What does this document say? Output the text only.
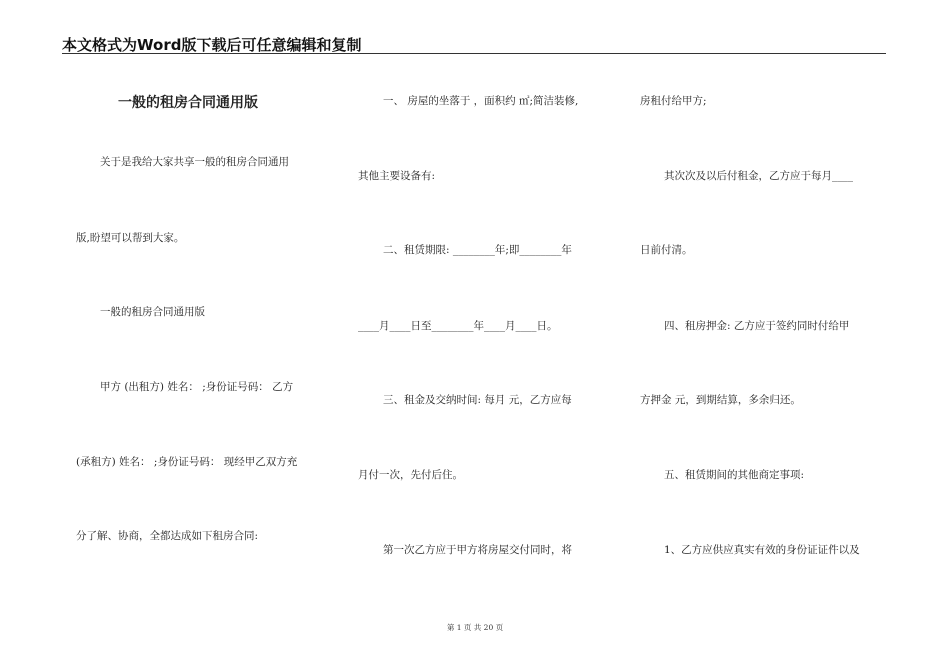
本文格式为Word版下载后可任意编辑和复制
一般的租房合同通用版
关于是我给大家共享一般的租房合同通用
版,盼望可以帮到大家。
一般的租房合同通用版
甲方 (出租方) 姓名： ;身份证号码： 乙方
(承租方) 姓名： ;身份证号码： 现经甲乙双方充
分了解、协商，全都达成如下租房合同:
一、 房屋的坐落于 ，面积约 ㎡;简洁装修,
其他主要设备有:
二、租赁期限: ________年;即________年
____月____日至________年____月____日。
三、租金及交纳时间: 每月 元，乙方应每
月付一次，先付后住。
第一次乙方应于甲方将房屋交付同时，将
房租付给甲方;
其次次及以后付租金，乙方应于每月____
日前付清。
四、租房押金: 乙方应于签约同时付给甲
方押金 元，到期结算，多余归还。
五、租赁期间的其他商定事项:
1、乙方应供应真实有效的身份证证件以及
第 1 页 共 20 页
